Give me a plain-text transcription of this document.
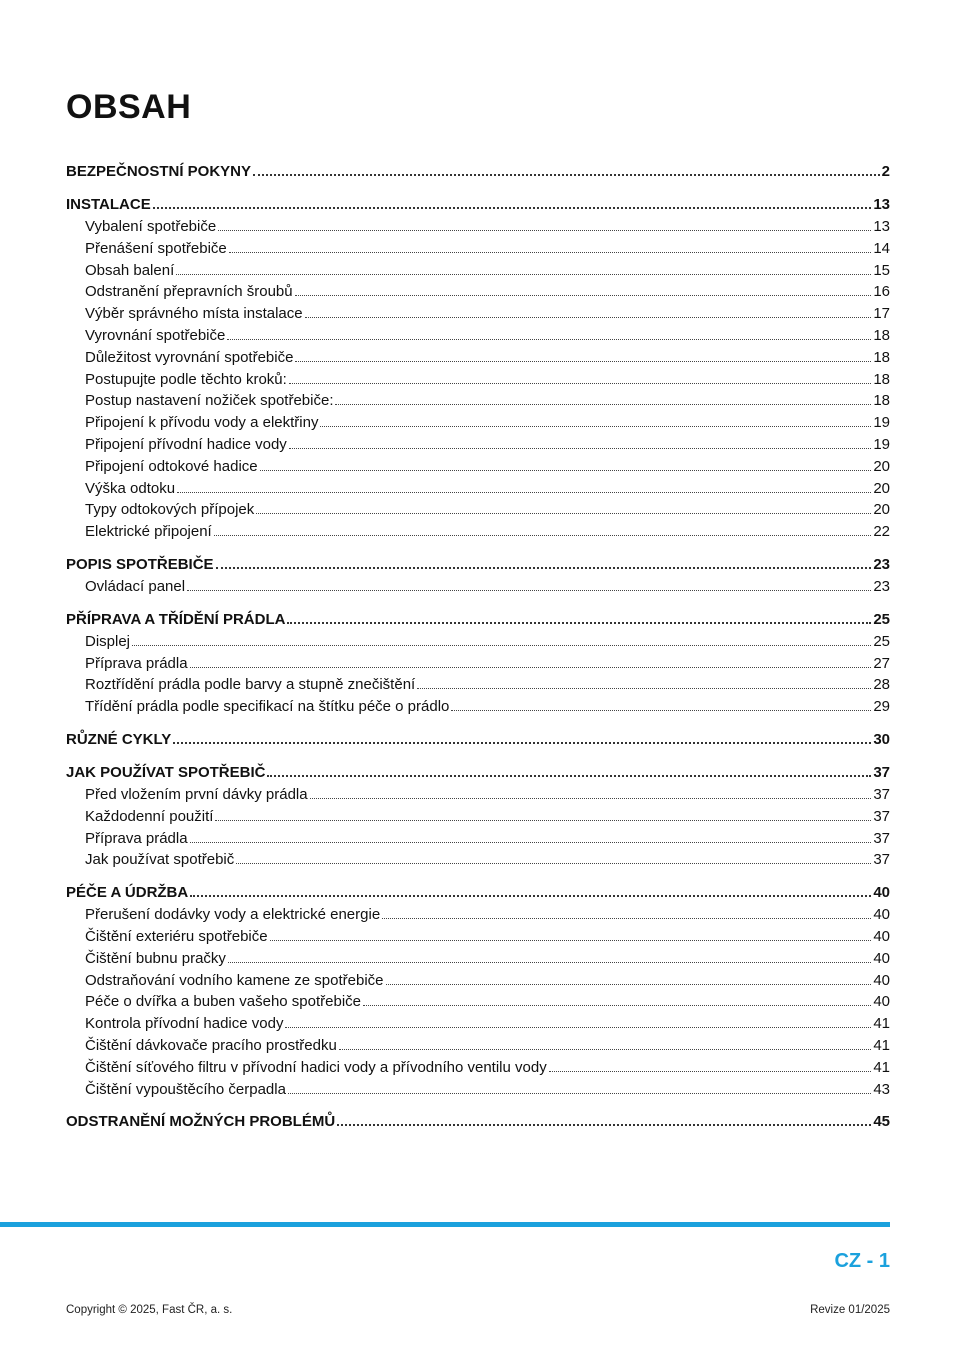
OBSAH
BEZPEČNOSTNÍ POKYNY	2
INSTALACE	13
Vybalení spotřebiče	13
Přenášení spotřebiče	14
Obsah balení	15
Odstranění přepravních šroubů	16
Výběr správného místa instalace	17
Vyrovnání spotřebiče	18
Důležitost vyrovnání spotřebiče	18
Postupujte podle těchto kroků:	18
Postup nastavení nožiček spotřebiče:	18
Připojení k přívodu vody a elektřiny	19
Připojení přívodní hadice vody	19
Připojení odtokové hadice	20
Výška odtoku	20
Typy odtokových přípojek	20
Elektrické připojení	22
POPIS SPOTŘEBIČE	23
Ovládací panel	23
PŘÍPRAVA A TŘÍDĚNÍ PRÁDLA	25
Displej	25
Příprava prádla	27
Roztřídění prádla podle barvy a stupně znečištění	28
Třídění prádla podle specifikací na štítku péče o prádlo	29
RŮZNÉ CYKLY	30
JAK POUŽÍVAT SPOTŘEBIČ	37
Před vložením první dávky prádla	37
Každodenní použití	37
Příprava prádla	37
Jak používat spotřebič	37
PÉČE A ÚDRŽBA	40
Přerušení dodávky vody a elektrické energie	40
Čištění exteriéru spotřebiče	40
Čištění bubnu pračky	40
Odstraňování vodního kamene ze spotřebiče	40
Péče o dvířka a buben vašeho spotřebiče	40
Kontrola přívodní hadice vody	41
Čištění dávkovače pracího prostředku	41
Čištění síťového filtru v přívodní hadici vody a přívodního ventilu vody	41
Čištění vypouštěcího čerpadla	43
ODSTRANĚNÍ MOŽNÝCH PROBLÉMŮ	45
CZ - 1
Copyright © 2025, Fast ČR, a. s.	Revize 01/2025
